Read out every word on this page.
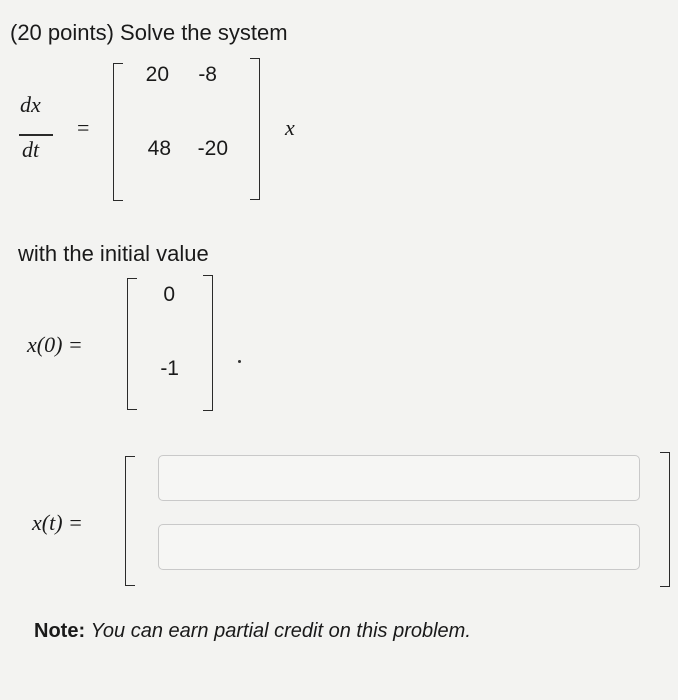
(20 points) Solve the system
dx
dt
=
20	-8
48	-20
x
with the initial value
x(0) =
0
-1
x(t) =
Note: You can earn partial credit on this problem.
